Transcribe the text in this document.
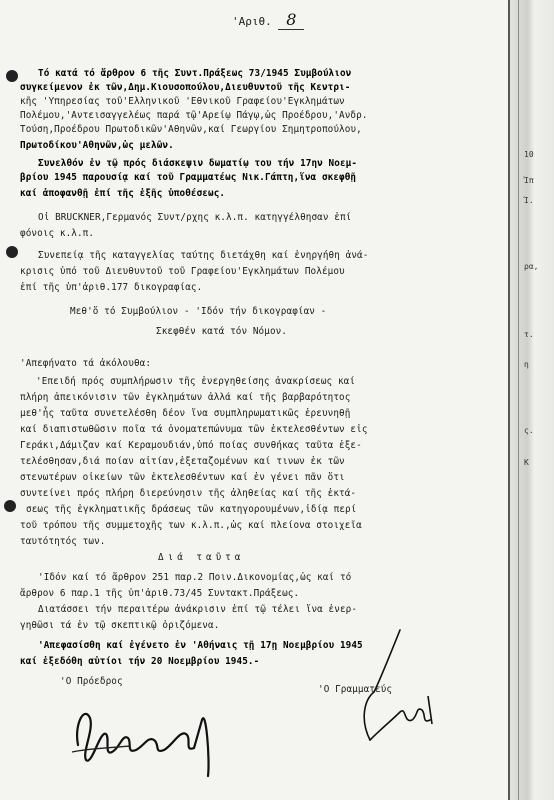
'Αριθ. 8
Τό κατά τό ἄρθρον 6 τῆς Συντ.Πράξεως 73/1945 Συμβούλιον
συγκείμενον ἐκ τῶν,Δημ.Κιουσοπούλου,Διευθυντοῦ τῆς Κεντρι-
κῆς 'Υπηρεσίας τοῦ'Ελληνικοῦ 'Εθνικοῦ Γραφείου'Εγκλημάτων
Πολέμου,'Αντεισαγγελέως παρά τῷ'Αρείῳ Πάγῳ,ὡς Προέδρου,'Ανδρ.
Τούση,Προέδρου Πρωτοδικῶν'Αθηνῶν,καί Γεωργίου Σημητροπούλου,
Πρωτοδίκου'Αθηνῶν,ὡς μελῶν.
Συνελθόν ἐν τῷ πρός διάσκεψιν δωματίῳ του τήν 17ην Νοεμ-
βρίου 1945 παρουσίᾳ καί τοῦ Γραμματέως Νικ.Γάπτη,ἵνα σκεφθῇ
καί ἀποφανθῇ ἐπί τῆς ἑξῆς ὑποθέσεως.
Οἱ BRUCKNER,Γερμανός Συντ/ρχης κ.λ.π. κατηγγέλθησαν ἐπί
φόνοις κ.λ.π.
Συνεπείᾳ τῆς καταγγελίας ταύτης διετάχθη καί ἐνηργήθη ἀνά-
κρισις ὑπό τοῦ Διευθυντοῦ τοῦ Γραφείου'Εγκλημάτων Πολέμου
ἐπί τῆς ὑπ'ἀριθ.177 δικογραφίας.
Μεθ'ὅ τό Συμβούλιον - 'Ιδόν τήν δικογραφίαν -
Σκεφθέν κατά τόν Νόμον.
'Απεφήνατο τά ἀκόλουθα:
'Επειδή πρός συμπλήρωσιν τῆς ἐνεργηθείσης ἀνακρίσεως καί
πλήρη ἀπεικόνισιν τῶν ἐγκλημάτων ἀλλά καί τῆς βαρβαρότητος
μεθ'ἧς ταῦτα συνετελέσθη δέον ἵνα συμπληρωματικῶς ἐρευνηθῇ
καί διαπιστωθῶσιν ποῖα τά ὀνοματεπώνυμα τῶν ἐκτελεσθέντων εἰς
Γεράκι,Δάμιζαν καί Κεραμουδιάν,ὑπό ποίας συνθήκας ταῦτα ἐξε-
τελέσθησαν,διά ποίαν αἰτίαν,ἐξεταζομένων καί τινων ἐκ τῶν
στενωτέρων οἰκείων τῶν ἐκτελεσθέντων καί ἐν γένει πᾶν ὅτι
συντείνει πρός πλήρη διερεύνησιν τῆς ἀληθείας καί τῆς ἐκτά-
σεως τῆς ἐγκληματικῆς δράσεως τῶν κατηγορουμένων,ἰδίᾳ περί
τοῦ τρόπου τῆς συμμετοχῆς των κ.λ.π.,ὡς καί πλείονα στοιχεῖα
ταυτότητός των.
Διά ταῦτα
'Ιδόν καί τό ἄρθρον 251 παρ.2 Ποιν.Δικονομίας,ὡς καί τό
ἄρθρον 6 παρ.1 τῆς ὑπ'ἀριθ.73/45 Συντακτ.Πράξεως.
Διατάσσει τήν περαιτέρω ἀνάκρισιν ἐπί τῷ τέλει ἵνα ἐνερ-
γηθῶσι τά ἐν τῷ σκεπτικῷ ὁριζόμενα.
'Απεφασίσθη καί ἐγένετο ἐν 'Αθήναις τῇ 17ῃ Νοεμβρίου 1945
καί ἐξεδόθη αὐτίοι τήν 20 Νοεμβρίου 1945.-
'Ο Πρόεδρος
'Ο Γραμματεύς
10
Ἰπ
Ί.
ρα,
τ.
η
ς.
Κ
